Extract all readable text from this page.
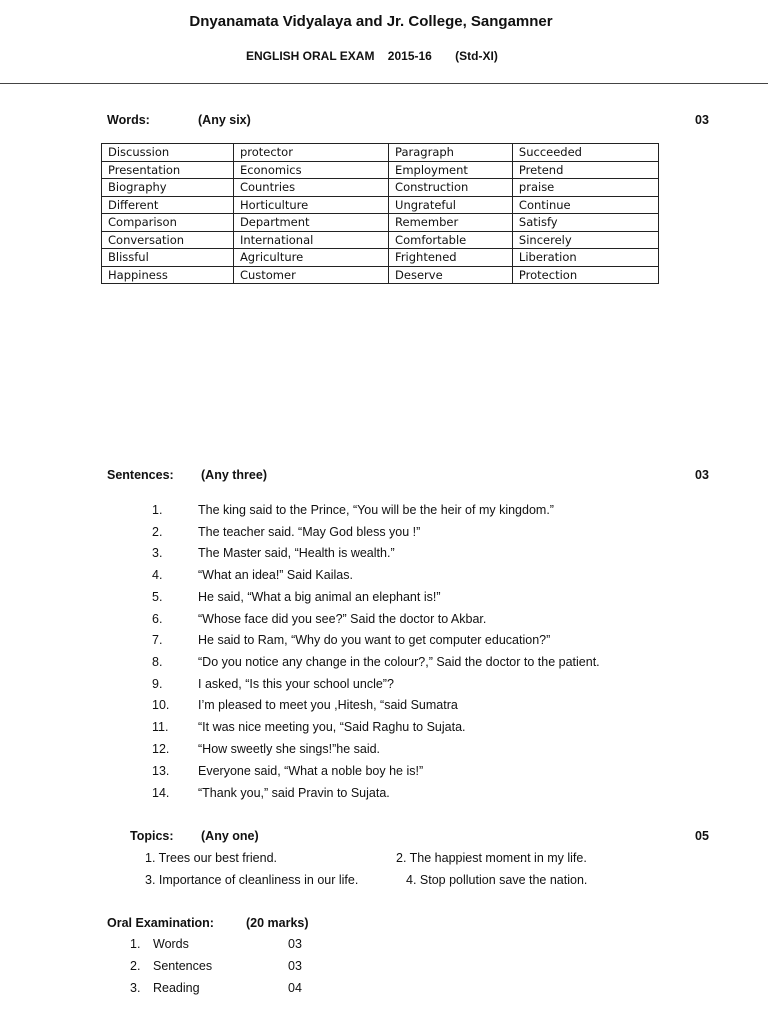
Dnyanamata Vidyalaya and Jr. College, Sangamner
ENGLISH ORAL EXAM    2015-16       (Std-XI)
Words:	(Any six)	03
Discussion	protector	Paragraph	Succeeded
Presentation	Economics	Employment	Pretend
Biography	Countries	Construction	praise
Different	Horticulture	Ungrateful	Continue
Comparison	Department	Remember	Satisfy
Conversation	International	Comfortable	Sincerely
Blissful	Agriculture	Frightened	Liberation
Happiness	Customer	Deserve	Protection
Sentences: (Any three)	03
1.	The king said to the Prince, “You will be the heir of my kingdom.”
2.	The teacher said. “May God bless you !”
3.	The Master said, “Health is wealth.”
4.	“What an idea!” Said Kailas.
5.	He said, “What a big animal an elephant is!”
6.	“Whose face did you see?” Said the doctor to Akbar.
7.	He said to Ram, “Why do you want to get computer education?”
8.	“Do you notice any change in the colour?,” Said the doctor to the patient.
9.	I asked, “Is this your school uncle”?
10. I’m pleased to meet you ,Hitesh, “said Sumatra
11. “It was nice meeting you, “Said Raghu to Sujata.
12. “How sweetly she sings!”he said.
13. Everyone said, “What a noble boy he is!”
14. “Thank you,” said Pravin to Sujata.
Topics: (Any one)	05
1. Trees our best friend.	2. The happiest moment in my life.
3. Importance of cleanliness in our life.	4. Stop pollution save the nation.
Oral Examination:	(20 marks)
1. Words	03
2. Sentences	03
3. Reading	04
